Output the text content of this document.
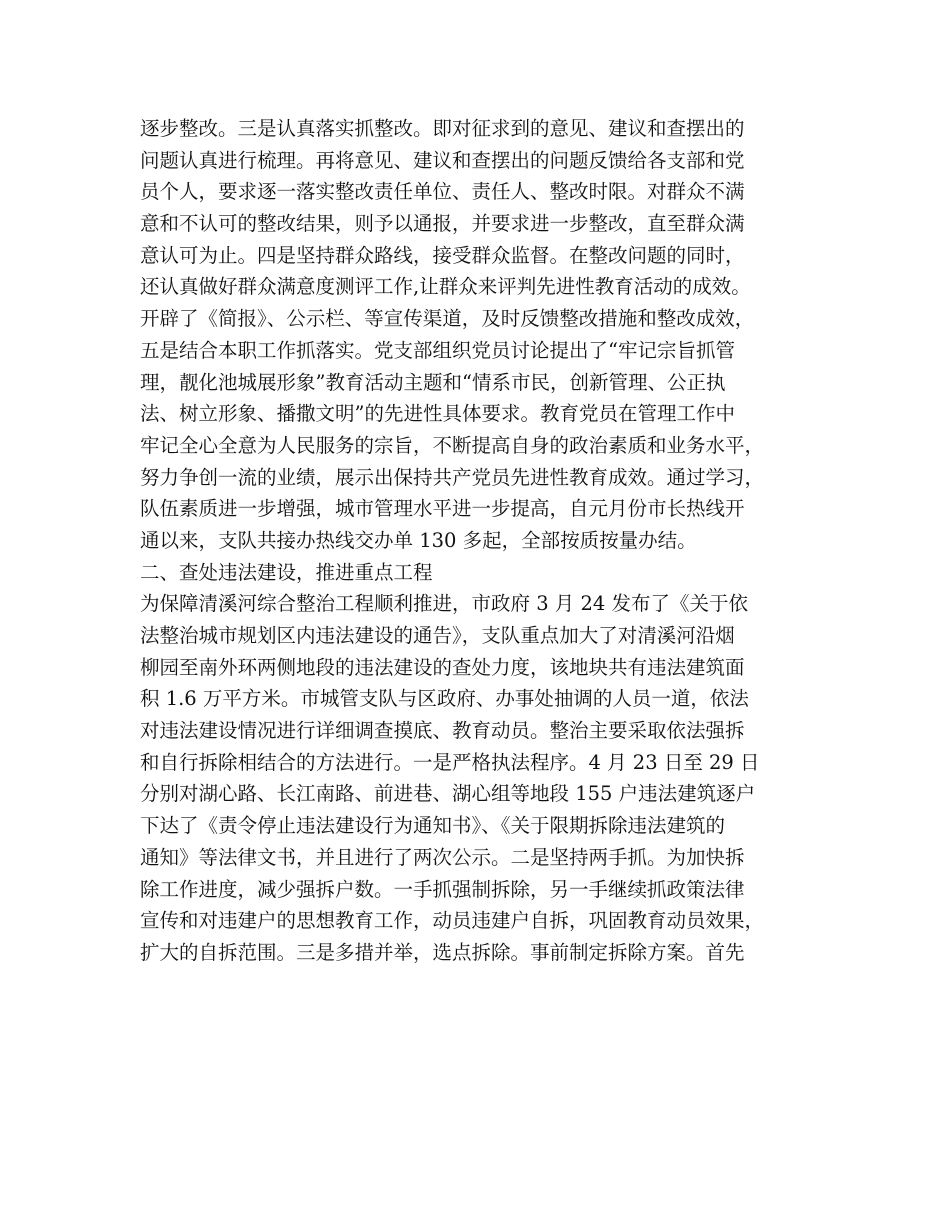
逐步整改。三是认真落实抓整改。即对征求到的意见、建议和查摆出的
问题认真进行梳理。再将意见、建议和查摆出的问题反馈给各支部和党
员个人，要求逐一落实整改责任单位、责任人、整改时限。对群众不满
意和不认可的整改结果，则予以通报，并要求进一步整改，直至群众满
意认可为止。四是坚持群众路线，接受群众监督。在整改问题的同时，
还认真做好群众满意度测评工作,让群众来评判先进性教育活动的成效。
开辟了《简报》、公示栏、等宣传渠道，及时反馈整改措施和整改成效，
五是结合本职工作抓落实。党支部组织党员讨论提出了“牢记宗旨抓管
理，靓化池城展形象”教育活动主题和“情系市民，创新管理、公正执
法、树立形象、播撒文明”的先进性具体要求。教育党员在管理工作中
牢记全心全意为人民服务的宗旨，不断提高自身的政治素质和业务水平，
努力争创一流的业绩，展示出保持共产党员先进性教育成效。通过学习，
队伍素质进一步增强，城市管理水平进一步提高，自元月份市长热线开
通以来，支队共接办热线交办单 130 多起，全部按质按量办结。
二、查处违法建设，推进重点工程
为保障清溪河综合整治工程顺利推进，市政府 3 月 24 发布了《关于依
法整治城市规划区内违法建设的通告》，支队重点加大了对清溪河沿烟
柳园至南外环两侧地段的违法建设的查处力度，该地块共有违法建筑面
积 1.6 万平方米。市城管支队与区政府、办事处抽调的人员一道，依法
对违法建设情况进行详细调查摸底、教育动员。整治主要采取依法强拆
和自行拆除相结合的方法进行。一是严格执法程序。4 月 23 日至 29 日
分别对湖心路、长江南路、前进巷、湖心组等地段 155 户违法建筑逐户
下达了《责令停止违法建设行为通知书》、《关于限期拆除违法建筑的
通知》等法律文书，并且进行了两次公示。二是坚持两手抓。为加快拆
除工作进度，减少强拆户数。一手抓强制拆除，另一手继续抓政策法律
宣传和对违建户的思想教育工作，动员违建户自拆，巩固教育动员效果，
扩大的自拆范围。三是多措并举，选点拆除。事前制定拆除方案。首先
